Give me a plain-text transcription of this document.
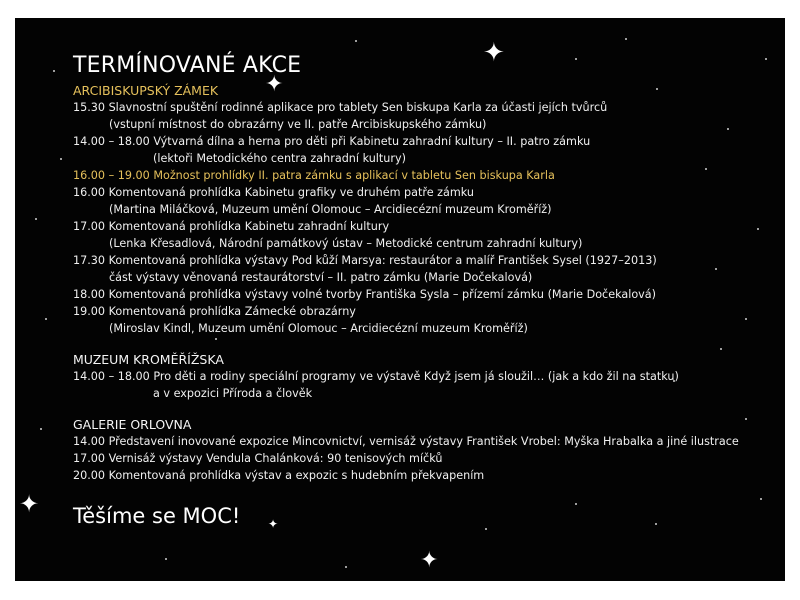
✦
✦
✦
✦
✦
TERMÍNOVANÉ AKCE
ARCIBISKUPSKÝ ZÁMEK
15.30 Slavnostní spuštění rodinné aplikace pro tablety Sen biskupa Karla za účasti jejích tvůrců
(vstupní místnost do obrazárny ve II. patře Arcibiskupského zámku)
14.00 – 18.00 Výtvarná dílna a herna pro děti při Kabinetu zahradní kultury – II. patro zámku
(lektoři Metodického centra zahradní kultury)
16.00 – 19.00 Možnost prohlídky II. patra zámku s aplikací v tabletu Sen biskupa Karla
16.00 Komentovaná prohlídka Kabinetu grafiky ve druhém patře zámku
(Martina Miláčková, Muzeum umění Olomouc – Arcidiecézní muzeum Kroměříž)
17.00 Komentovaná prohlídka Kabinetu zahradní kultury
(Lenka Křesadlová, Národní památkový ústav – Metodické centrum zahradní kultury)
17.30 Komentovaná prohlídka výstavy Pod kůží Marsya: restaurátor a malíř František Sysel (1927–2013)
část výstavy věnovaná restaurátorství – II. patro zámku (Marie Dočekalová)
18.00 Komentovaná prohlídka výstavy volné tvorby Františka Sysla – přízemí zámku (Marie Dočekalová)
19.00 Komentovaná prohlídka Zámecké obrazárny
(Miroslav Kindl, Muzeum umění Olomouc – Arcidiecézní muzeum Kroměříž)
MUZEUM KROMĚŘÍŽSKA
14.00 – 18.00 Pro děti a rodiny speciální programy ve výstavě Když jsem já sloužil… (jak a kdo žil na statku)
a v expozici Příroda a člověk
GALERIE ORLOVNA
14.00 Představení inovované expozice Mincovnictví, vernisáž výstavy František Vrobel: Myška Hrabalka a jiné ilustrace
17.00 Vernisáž výstavy Vendula Chalánková: 90 tenisových míčků
20.00 Komentovaná prohlídka výstav a expozic s hudebním překvapením
Těšíme se MOC!
